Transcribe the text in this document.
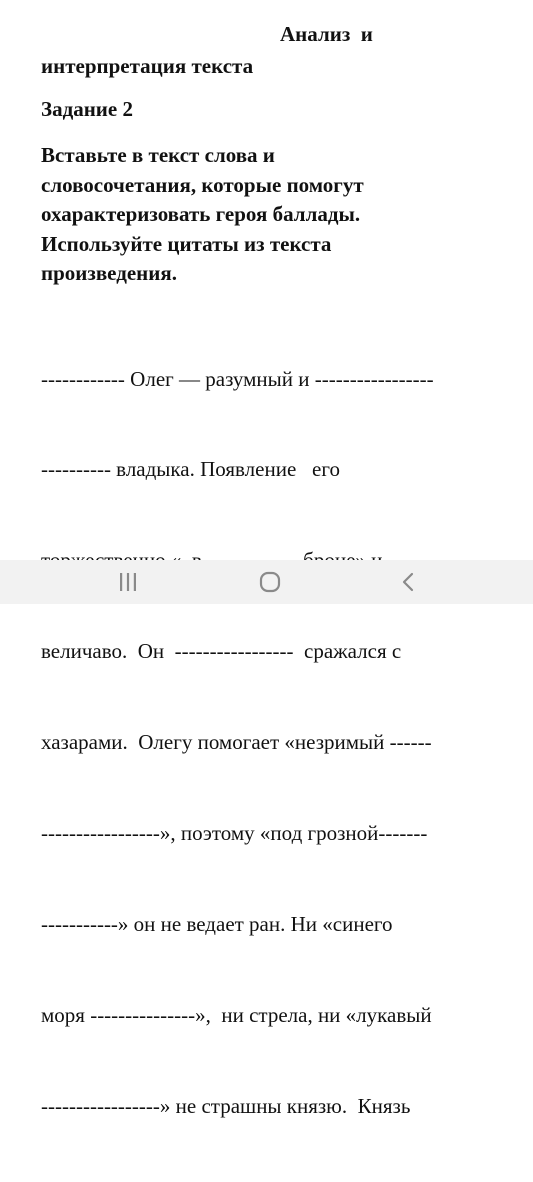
Анализ  и
интерпретация текста
Задание 2
Вставьте в текст слова и
словосочетания, которые помогут
охарактеризовать героя баллады.
Используйте цитаты из текста
произведения.

------------ Олег — разумный и -----------------

---------- владыка. Появление   его

величаво.  Он  -----------------  сражался с

хазарами.  Олегу помогает «незримый ------

-----------------», поэтому «под грозной-------

-----------» он не ведает ран. Ни «синего

моря ---------------»,  ни стрела, ни «лукавый

-----------------» не страшны князю.  Князь
